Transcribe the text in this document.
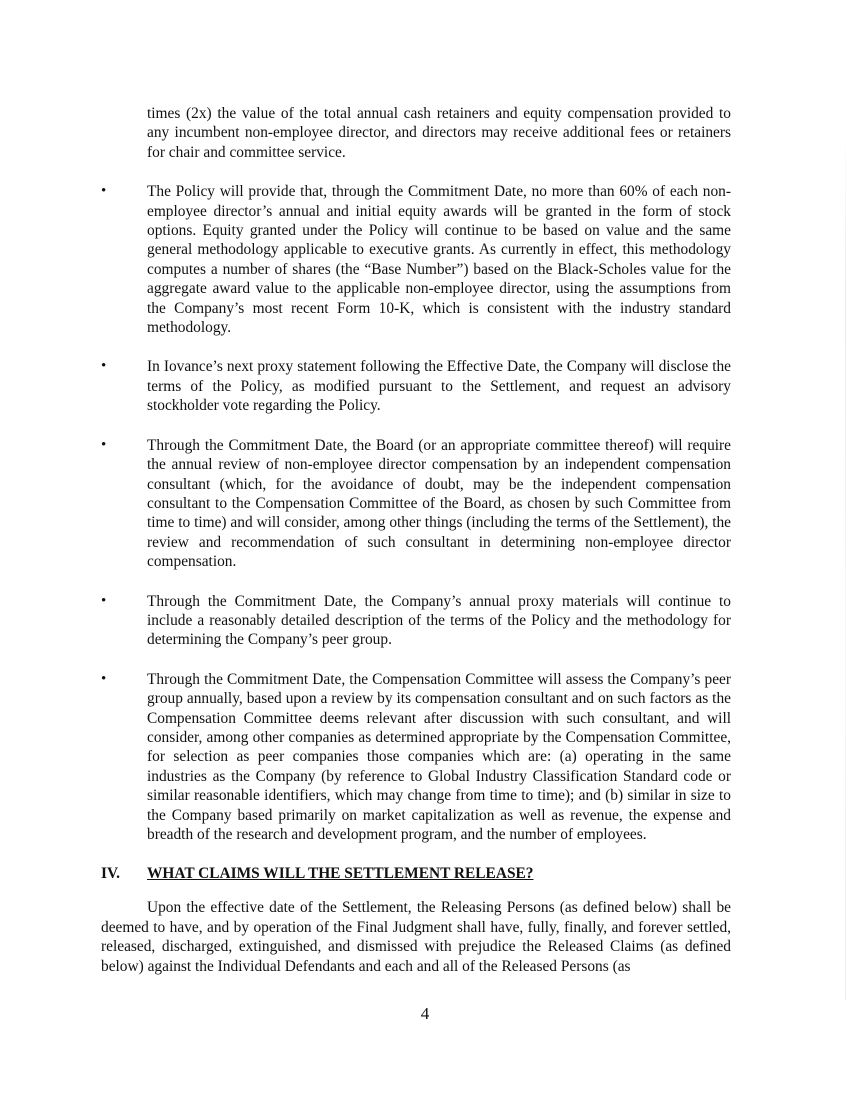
times (2x) the value of the total annual cash retainers and equity compensation provided to any incumbent non-employee director, and directors may receive additional fees or retainers for chair and committee service.

•	The Policy will provide that, through the Commitment Date, no more than 60% of each non-employee director’s annual and initial equity awards will be granted in the form of stock options. Equity granted under the Policy will continue to be based on value and the same general methodology applicable to executive grants. As currently in effect, this methodology computes a number of shares (the “Base Number”) based on the Black-Scholes value for the aggregate award value to the applicable non-employee director, using the assumptions from the Company’s most recent Form 10-K, which is consistent with the industry standard methodology.
•	In Iovance’s next proxy statement following the Effective Date, the Company will disclose the terms of the Policy, as modified pursuant to the Settlement, and request an advisory stockholder vote regarding the Policy.
•	Through the Commitment Date, the Board (or an appropriate committee thereof) will require the annual review of non-employee director compensation by an independent compensation consultant (which, for the avoidance of doubt, may be the independent compensation consultant to the Compensation Committee of the Board, as chosen by such Committee from time to time) and will consider, among other things (including the terms of the Settlement), the review and recommendation of such consultant in determining non-employee director compensation.
•	Through the Commitment Date, the Company’s annual proxy materials will continue to include a reasonably detailed description of the terms of the Policy and the methodology for determining the Company’s peer group.
•	Through the Commitment Date, the Compensation Committee will assess the Company’s peer group annually, based upon a review by its compensation consultant and on such factors as the Compensation Committee deems relevant after discussion with such consultant, and will consider, among other companies as determined appropriate by the Compensation Committee, for selection as peer companies those companies which are: (a) operating in the same industries as the Company (by reference to Global Industry Classification Standard code or similar reasonable identifiers, which may change from time to time); and (b) similar in size to the Company based primarily on market capitalization as well as revenue, the expense and breadth of the research and development program, and the number of employees.
IV. WHAT CLAIMS WILL THE SETTLEMENT RELEASE?

Upon the effective date of the Settlement, the Releasing Persons (as defined below) shall be deemed to have, and by operation of the Final Judgment shall have, fully, finally, and forever settled, released, discharged, extinguished, and dismissed with prejudice the Released Claims (as defined below) against the Individual Defendants and each and all of the Released Persons (as

4
